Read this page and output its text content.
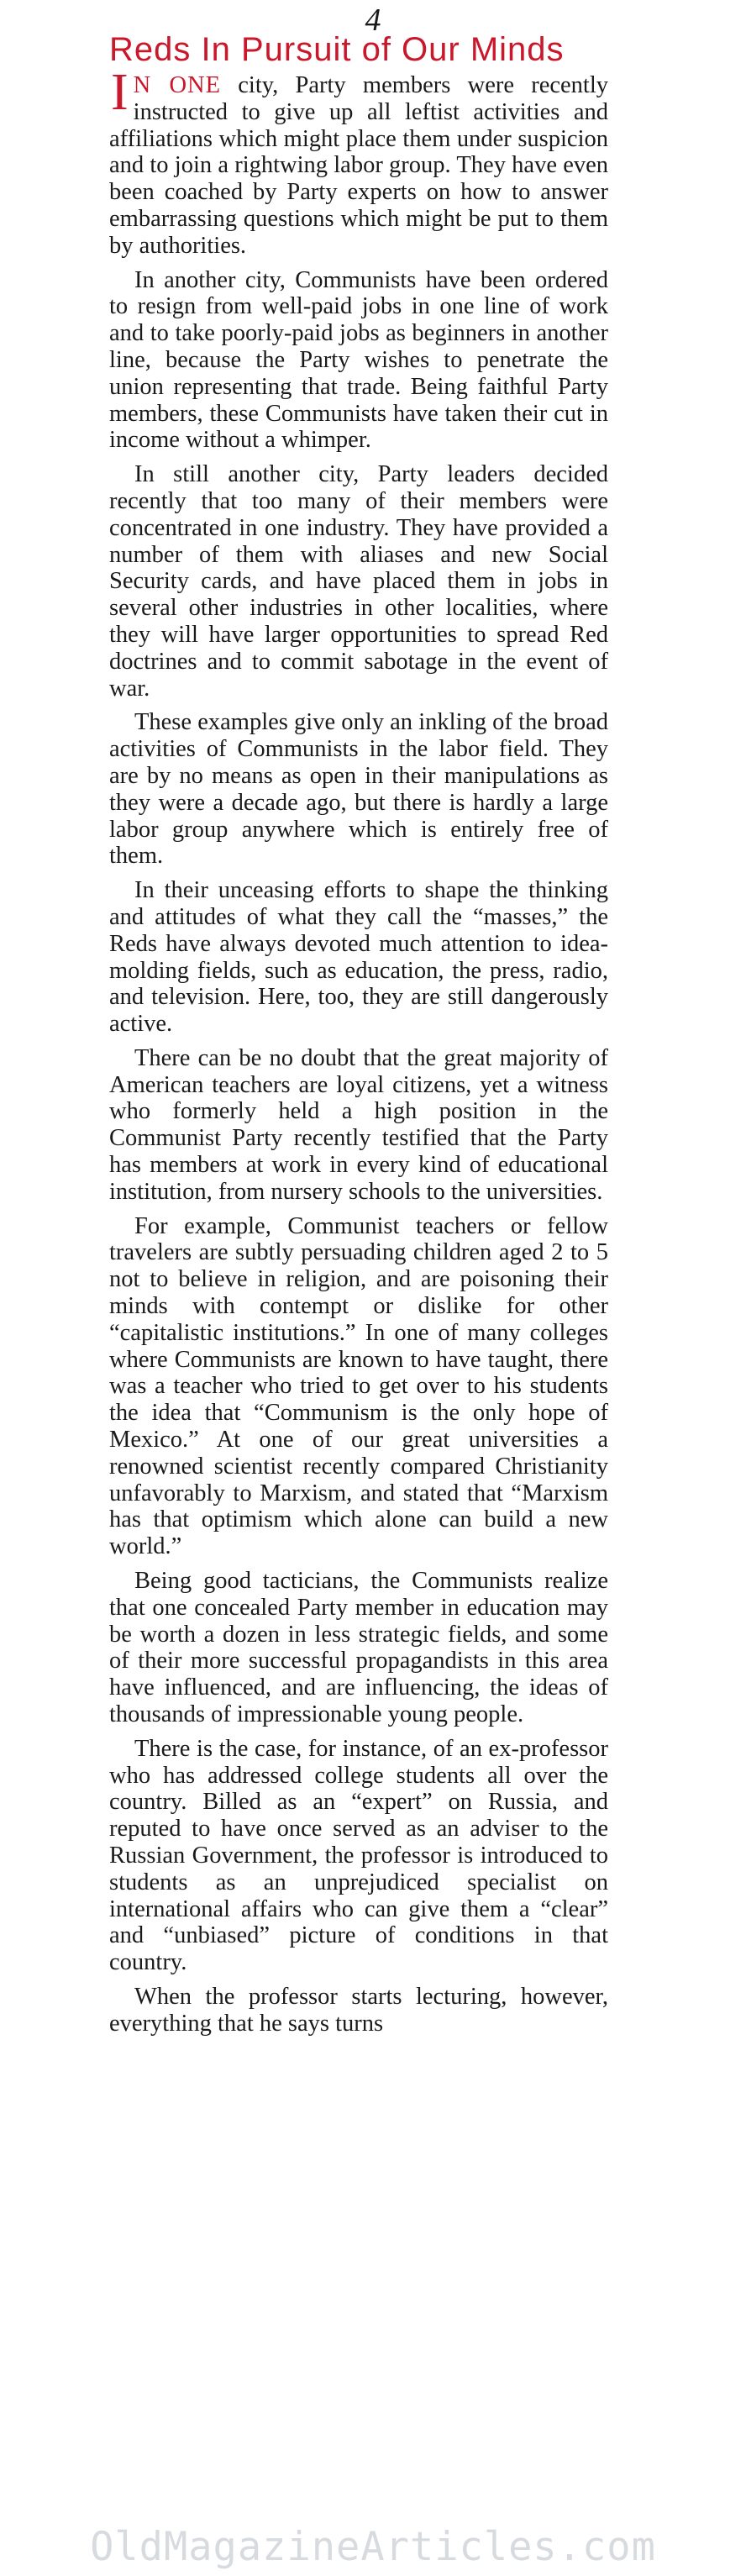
4
Reds In Pursuit of Our Minds

I N ONE city, Party members were recently instructed to give up all leftist activities and affiliations which might place them under suspicion and to join a rightwing labor group. They have even been coached by Party experts on how to answer embarrassing questions which might be put to them by authorities.

In another city, Communists have been ordered to resign from well-paid jobs in one line of work and to take poorly-paid jobs as beginners in another line, because the Party wishes to penetrate the union representing that trade. Being faithful Party members, these Communists have taken their cut in income without a whimper.

In still another city, Party leaders decided recently that too many of their members were concentrated in one industry. They have provided a number of them with aliases and new Social Security cards, and have placed them in jobs in several other industries in other localities, where they will have larger opportunities to spread Red doctrines and to commit sabotage in the event of war.

These examples give only an inkling of the broad activities of Communists in the labor field. They are by no means as open in their manipulations as they were a decade ago, but there is hardly a large labor group anywhere which is entirely free of them.

In their unceasing efforts to shape the thinking and attitudes of what they call the “masses,” the Reds have always devoted much attention to idea-molding fields, such as education, the press, radio, and television. Here, too, they are still dangerously active.

There can be no doubt that the great majority of American teachers are loyal citizens, yet a witness who formerly held a high position in the Communist Party recently testified that the Party has members at work in every kind of educational institution, from nursery schools to the universities.

For example, Communist teachers or fellow travelers are subtly persuading children aged 2 to 5 not to believe in religion, and are poisoning their minds with contempt or dislike for other “capitalistic institutions.” In one of many colleges where Communists are known to have taught, there was a teacher who tried to get over to his students the idea that “Communism is the only hope of Mexico.” At one of our great universities a renowned scientist recently compared Christianity unfavorably to Marxism, and stated that “Marxism has that optimism which alone can build a new world.”

Being good tacticians, the Communists realize that one concealed Party member in education may be worth a dozen in less strategic fields, and some of their more successful propagandists in this area have influenced, and are influencing, the ideas of thousands of impressionable young people.

There is the case, for instance, of an ex-professor who has addressed college students all over the country. Billed as an “expert” on Russia, and reputed to have once served as an adviser to the Russian Government, the professor is introduced to students as an unprejudiced specialist on international affairs who can give them a “clear” and “unbiased” picture of conditions in that country.

When the professor starts lecturing, however, everything that he says turns

OldMagazineArticles.com
